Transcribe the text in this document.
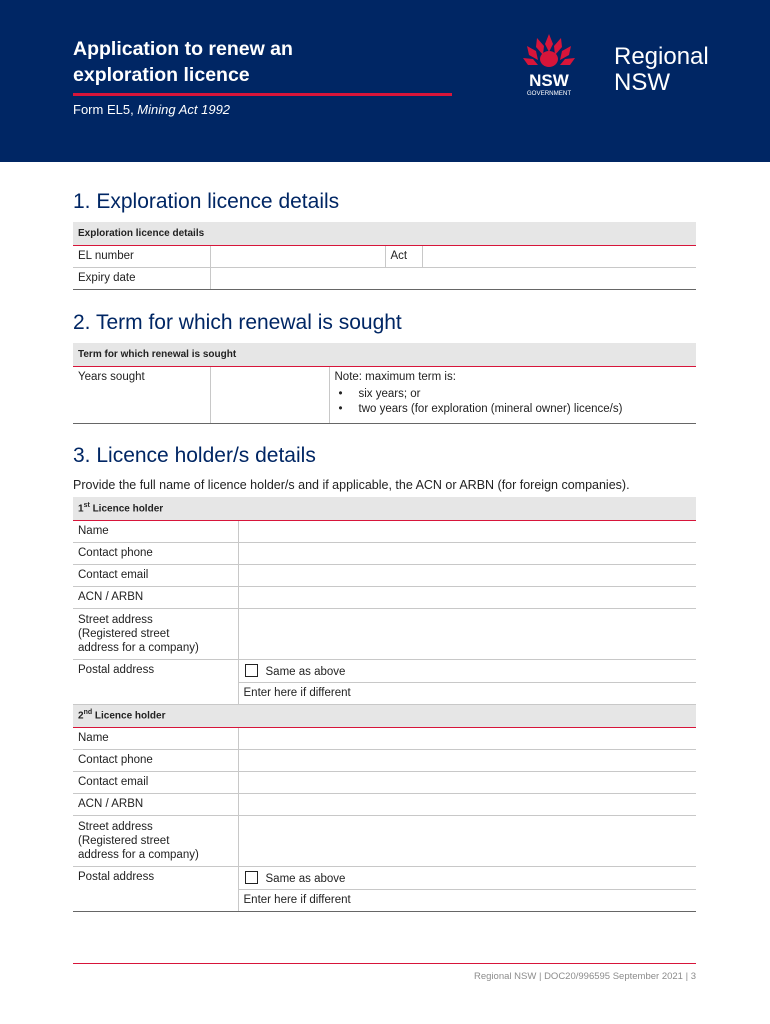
Application to renew an
exploration licence
Form EL5, Mining Act 1992
NSW
GOVERNMENT
Regional
NSW
1. Exploration licence details
Exploration licence details			
EL number		Act	
Expiry date			
2. Term for which renewal is sought
Term for which renewal is sought
Years sought		Note: maximum term is:
• six years; or
• two years (for exploration (mineral owner) licence/s)
3. Licence holder/s details
Provide the full name of licence holder/s and if applicable, the ACN or ARBN (for foreign companies).
1st Licence holder	
Name	
Contact phone	
Contact email	
ACN / ARBN	

Street address
(Registered street
address for a company)	

Postal address	Same as above
	Enter here if different
2nd Licence holder	
Name	
Contact phone	
Contact email	
ACN / ARBN	

Street address
(Registered street
address for a company)	

Postal address	Same as above
	Enter here if different
Regional NSW | DOC20/996595 September 2021 | 3
